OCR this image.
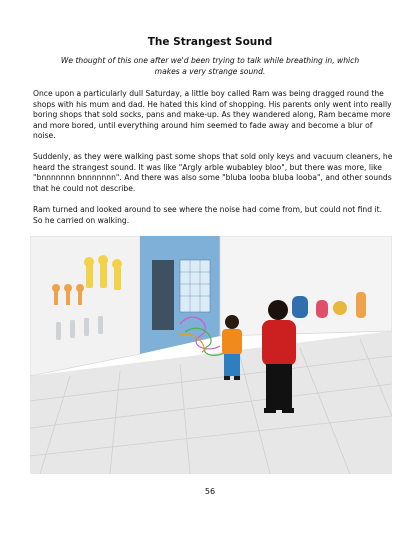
The Strangest Sound

We thought of this one after we'd been trying to talk while breathing in, which makes a very strange sound.

Once upon a particularly dull Saturday, a little boy called Ram was being dragged round the shops with his mum and dad. He hated this kind of shopping. His parents only went into really boring shops that sold socks, pans and make-up. As they wandered along, Ram became more and more bored, until everything around him seemed to fade away and become a blur of noise.

Suddenly, as they were walking past some shops that sold only keys and vacuum cleaners, he heard the strangest sound. It was like "Argly arble wubabley bloo", but there was more, like "bnnnnnnn bnnnnnnn". And there was also some "bluba looba bluba looba", and other sounds that he could not describe.

Ram turned and looked around to see where the noise had come from, but could not find it. So he carried on walking.

56
